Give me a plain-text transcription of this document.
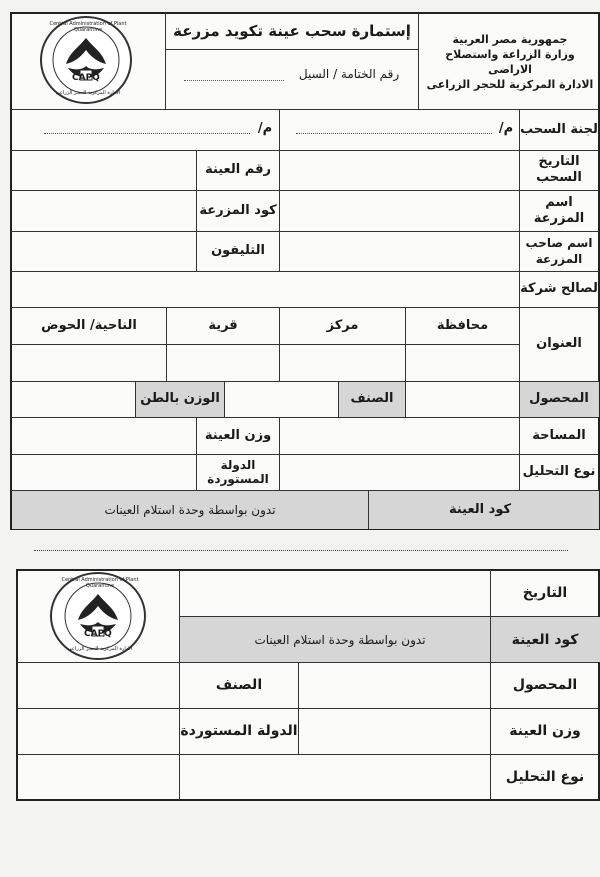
CAPQ
Central Administration of Plant Quarantine
الادارة المركزية للحجر الزراعى
إستمارة سحب عينة تكويد مزرعة
رقم الختامة / السيل
جمهورية مصر العربية
وزارة الزراعة واستصلاح الاراضى
الادارة المركزية للحجر الزراعى
لجنة السحب
م/
م/
التاريخ السحب
رقم العينة
اسم المزرعة
كود المزرعة
اسم صاحب المزرعة
التليفون
لصالح شركة
العنوان
محافظة
مركز
قرية
الناحية/ الحوض
المحصول
الصنف
الوزن بالطن
المساحة
وزن العينة
نوع التحليل
الدولة المستوردة
كود العينة
تدون بواسطة وحدة استلام العينات
CAPQ
Central Administration of Plant Quarantine
الادارة المركزية للحجر الزراعى
التاريخ
كود العينة
تدون بواسطة وحدة استلام العينات
المحصول
الصنف
وزن العينة
الدولة المستوردة
نوع التحليل
